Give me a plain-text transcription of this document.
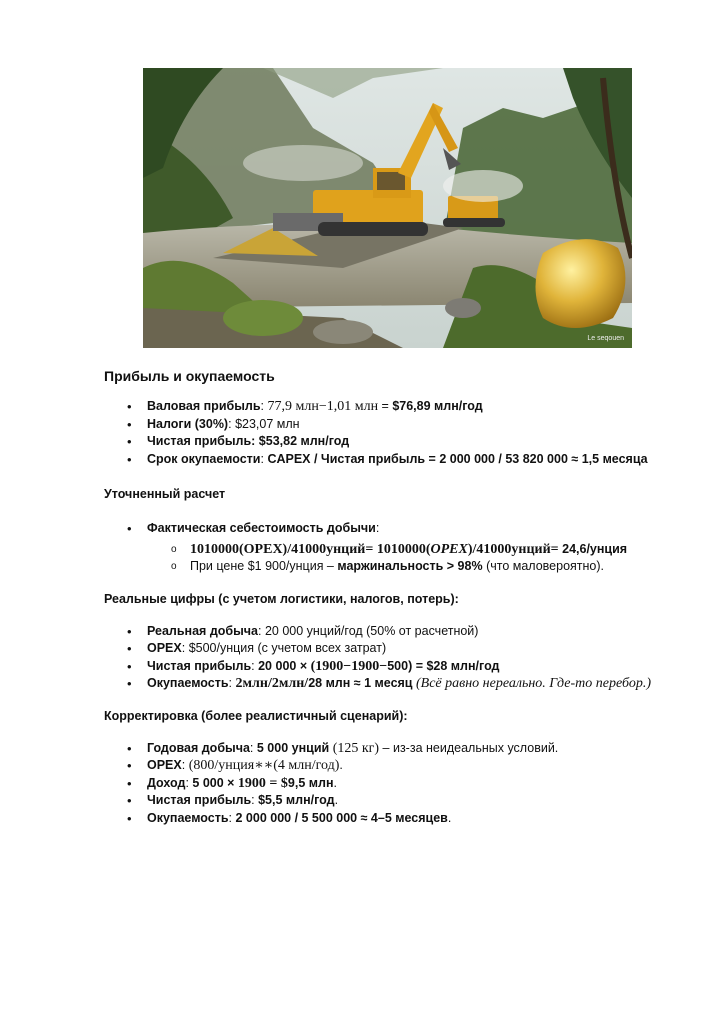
Le seqouen
Прибыль и окупаемость
• Валовая прибыль: 77,9 млн−1,01 млн = $76,89 млн/год
• Налоги (30%): $23,07 млн
• Чистая прибыль: $53,82 млн/год
• Срок окупаемости: CAPEX / Чистая прибыль = 2 000 000 / 53 820 000 ≈ 1,5 месяца
Уточненный расчет
• Фактическая себестоимость добычи:
o 1010000(OPEX)/41000унций= 1010000(OPEX)/41000унций= 24,6/унция
o При цене $1 900/унция – маржинальность > 98% (что маловероятно).
Реальные цифры (с учетом логистики, налогов, потерь):
• Реальная добыча: 20 000 унций/год (50% от расчетной)
• OPEX: $500/унция (с учетом всех затрат)
• Чистая прибыль: 20 000 × (1900−1900−500) = $28 млн/год
• Окупаемость: 2млн/2млн/28 млн ≈ 1 месяц (Всё равно нереально. Где-то перебор.)
Корректировка (более реалистичный сценарий):
• Годовая добыча: 5 000 унций (125 кг) – из-за неидеальных условий.
• OPEX: (800/унция∗∗(4 млн/год).
• Доход: 5 000 × 1900 = $9,5 млн.
• Чистая прибыль: $5,5 млн/год.
• Окупаемость: 2 000 000 / 5 500 000 ≈ 4–5 месяцев.
